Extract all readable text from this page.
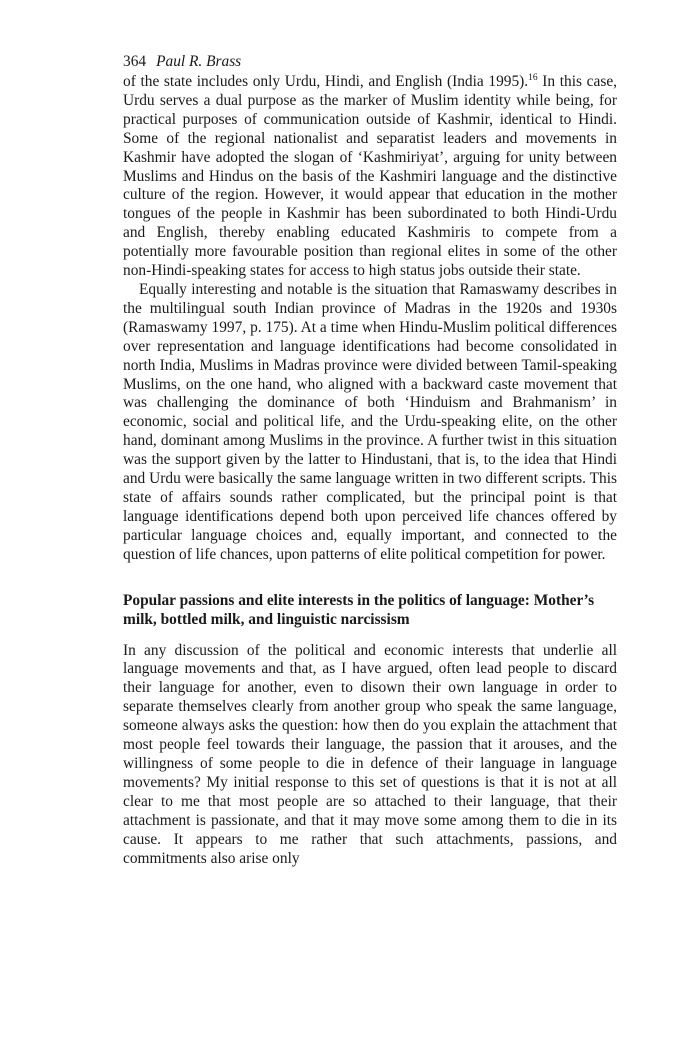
364 Paul R. Brass

of the state includes only Urdu, Hindi, and English (India 1995).$^{16}$ In this case, Urdu serves a dual purpose as the marker of Muslim identity while being, for practical purposes of communication outside of Kashmir, identical to Hindi. Some of the regional nationalist and separatist leaders and movements in Kashmir have adopted the slogan of ‘Kashmiriyat’, arguing for unity between Muslims and Hindus on the basis of the Kashmiri language and the distinctive culture of the region. However, it would appear that education in the mother tongues of the people in Kashmir has been subordinated to both Hindi-Urdu and English, thereby enabling educated Kashmiris to compete from a potentially more favourable position than regional elites in some of the other non-Hindi-speaking states for access to high status jobs outside their state.

Equally interesting and notable is the situation that Ramaswamy describes in the multilingual south Indian province of Madras in the 1920s and 1930s (Ramaswamy 1997, p. 175). At a time when Hindu-Muslim political differences over representation and language identifications had become consolidated in north India, Muslims in Madras province were divided between Tamil-speaking Muslims, on the one hand, who aligned with a backward caste movement that was challenging the dominance of both ‘Hinduism and Brahmanism’ in economic, social and political life, and the Urdu-speaking elite, on the other hand, dominant among Muslims in the province. A further twist in this situation was the support given by the latter to Hindustani, that is, to the idea that Hindi and Urdu were basically the same language written in two different scripts. This state of affairs sounds rather complicated, but the principal point is that language identifications depend both upon perceived life chances offered by particular language choices and, equally important, and connected to the question of life chances, upon patterns of elite political competition for power.

Popular passions and elite interests in the politics of language: Mother’s milk, bottled milk, and linguistic narcissism

In any discussion of the political and economic interests that underlie all language movements and that, as I have argued, often lead people to discard their language for another, even to disown their own language in order to separate themselves clearly from another group who speak the same language, someone always asks the question: how then do you explain the attachment that most people feel towards their language, the passion that it arouses, and the willingness of some people to die in defence of their language in language movements? My initial response to this set of questions is that it is not at all clear to me that most people are so attached to their language, that their attachment is passionate, and that it may move some among them to die in its cause. It appears to me rather that such attachments, passions, and commitments also arise only
